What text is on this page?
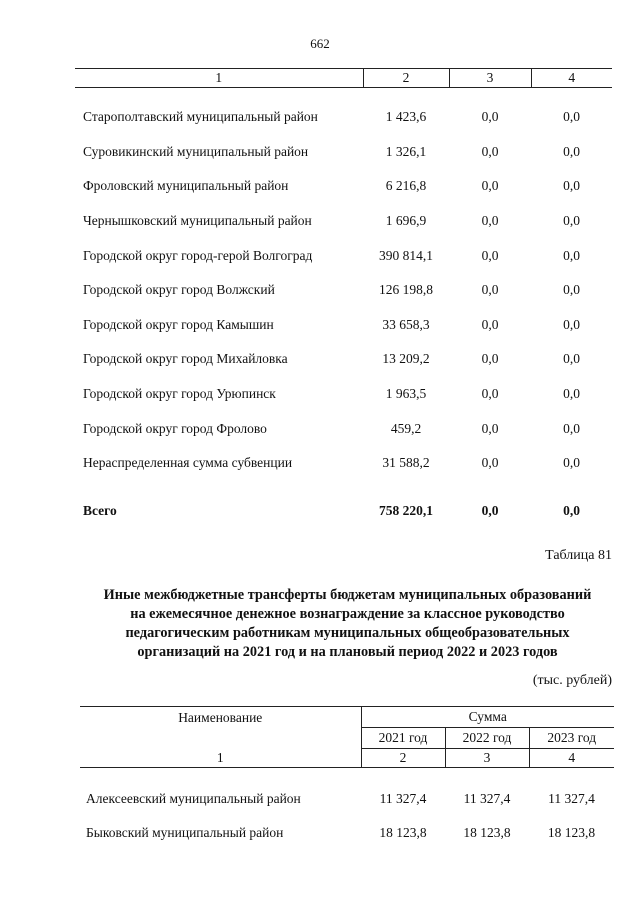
662
1	2	3	4
Старополтавский муниципальный район	1 423,6	0,0	0,0
Суровикинский муниципальный район	1 326,1	0,0	0,0
Фроловский муниципальный район	6 216,8	0,0	0,0
Чернышковский муниципальный район	1 696,9	0,0	0,0
Городской округ город-герой Волгоград	390 814,1	0,0	0,0
Городской округ город Волжский	126 198,8	0,0	0,0
Городской округ город Камышин	33 658,3	0,0	0,0
Городской округ город Михайловка	13 209,2	0,0	0,0
Городской округ город Урюпинск	1 963,5	0,0	0,0
Городской округ город Фролово	459,2	0,0	0,0
Нераспределенная сумма субвенции	31 588,2	0,0	0,0
Всего	758 220,1	0,0	0,0
Таблица 81
Иные межбюджетные трансферты бюджетам муниципальных образований
на ежемесячное денежное вознаграждение за классное руководство
педагогическим работникам муниципальных общеобразовательных
организаций на 2021 год и на плановый период 2022 и 2023 годов
(тыс. рублей)
Наименование	Сумма		
	2021 год	2022 год	2023 год
1	2	3	4
Алексеевский муниципальный район	11 327,4	11 327,4	11 327,4
Быковский муниципальный район	18 123,8	18 123,8	18 123,8
